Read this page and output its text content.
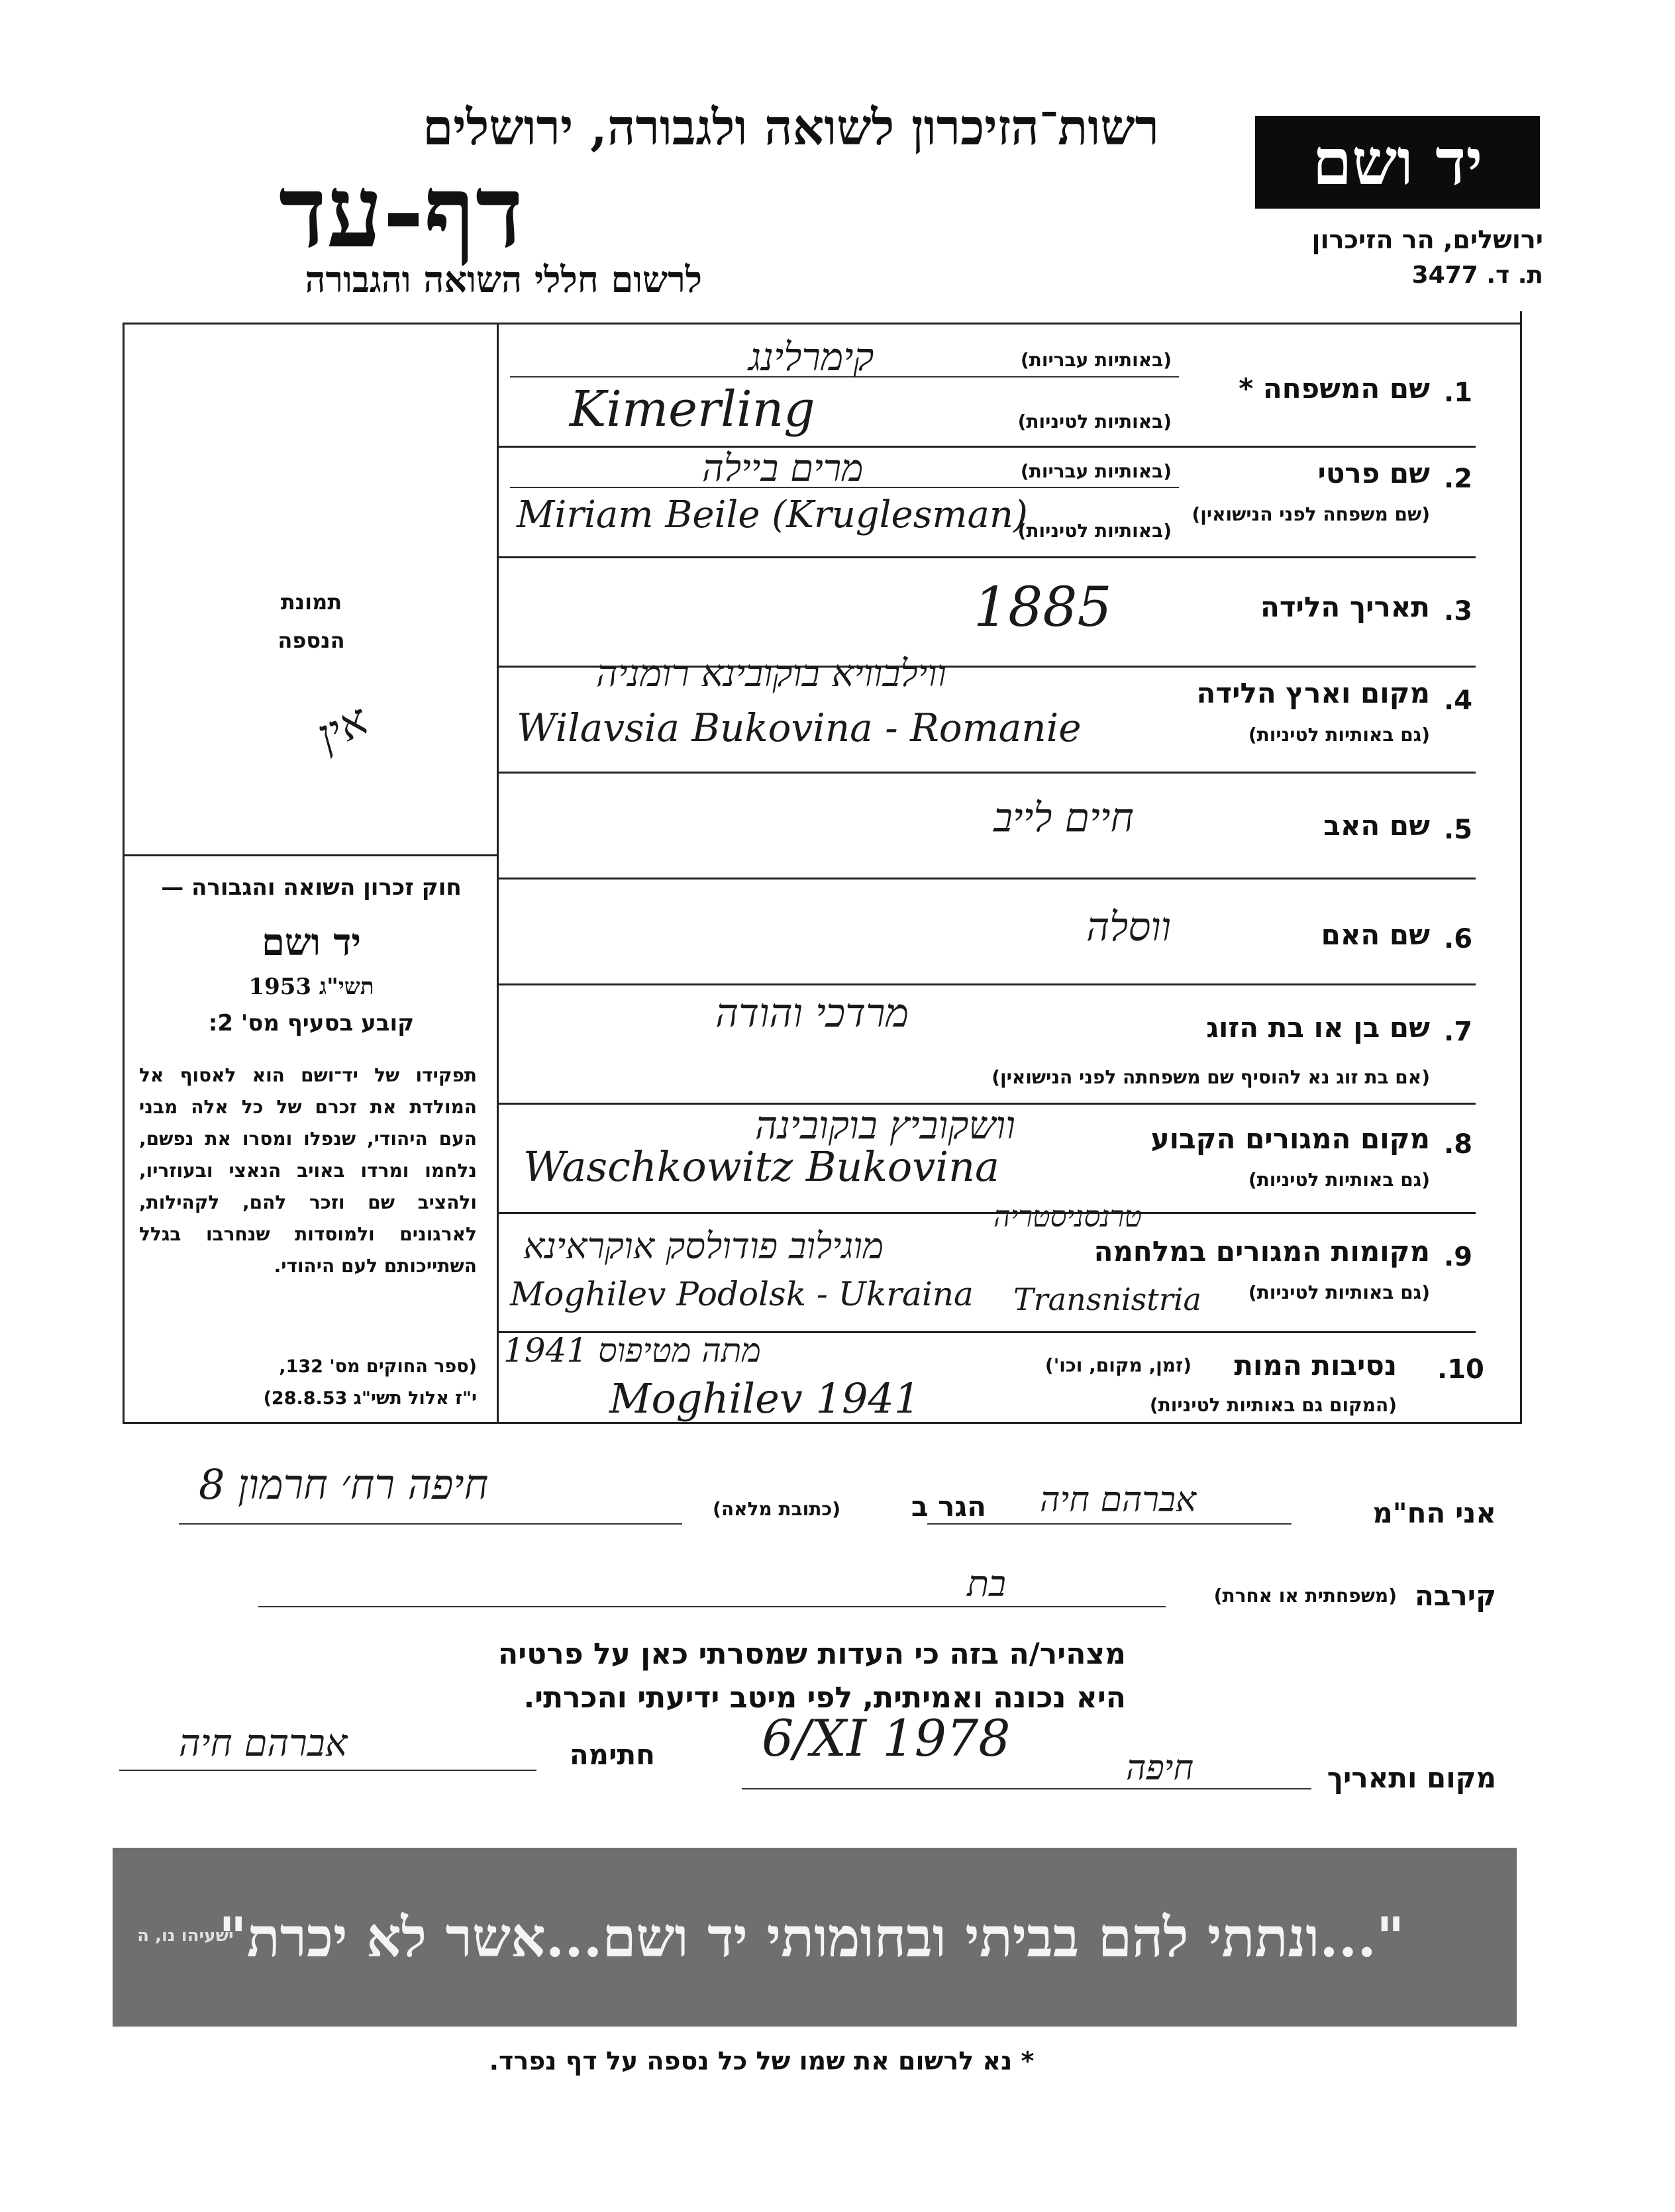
רשות־הזיכרון לשואה ולגבורה, ירושלים
דף-עד
לרשום חללי השואה והגבורה
יד ושם
ירושלים, הר הזיכרון
ת. ד. 3477
תמונת
הנספה
אין
חוק זכרון השואה והגבורה —
יד ושם
תשי"ג 1953
קובע בסעיף מס' 2:
תפקידו של יד־ושם הוא לאסוף אל המולדת את זכרם של כל אלה מבני העם היהודי, שנפלו ומסרו את נפשם, נלחמו ומרדו באויב הנאצי ובעוזריו, ולהציב שם וזכר להם, לקהילות, לארגונים ולמוסדות שנחרבו בגלל השתייכותם לעם היהודי.
(ספר החוקים מס' 132,
י"ז אלול תשי"ג 28.8.53)
1.
שם המשפחה *
(באותיות עבריות)
(באותיות לטיניות)
קימרלינג
Kimerling
2.
שם פרטי
(שם משפחה לפני הנישואין)
(באותיות עבריות)
(באותיות לטיניות)
מרים ביילה
Miriam Beile (Kruglesman)
3.
תאריך הלידה
1885
4.
מקום וארץ הלידה
(גם באותיות לטיניות)
ווילבוויא בוקובינא רומניה
Wilavsia Bukovina - Romanie
5.
שם האב
חיים לייב
6.
שם האם
ווסלה
7.
שם בן או בת הזוג
(אם בת זוג נא להוסיף שם משפחתה לפני הנישואין)
מרדכי והודה
8.
מקום המגורים הקבוע
(גם באותיות לטיניות)
וושקוביץ בוקובינה
Waschkowitz Bukovina
9.
מקומות המגורים במלחמה
(גם באותיות לטיניות)
טרנסניסטריה
מוגילוב פודולסק אוקראינא
Moghilev Podolsk - Ukraina Transnistria
10.
נסיבות המות
(זמן, מקום, וכו')
(המקום גם באותיות לטיניות)
מתה מטיפוס 1941
Moghilev 1941
אני הח"מ
אברהם חיה
הגר ב
(כתובת מלאה)
חיפה רח׳ חרמון 8
קירבה
(משפחתית או אחרת)
בת
מצהיר/ה בזה כי העדות שמסרתי כאן על פרטיה
היא נכונה ואמיתית, לפי מיטב ידיעתי והכרתי.
חתימה
אברהם חיה
מקום ותאריך
6/XI 1978
חיפה
"...ונתתי להם בביתי ובחומותי יד ושם...אשר לא יכרת"
ישעיהו נו, ה
* נא לרשום את שמו של כל נספה על דף נפרד.
